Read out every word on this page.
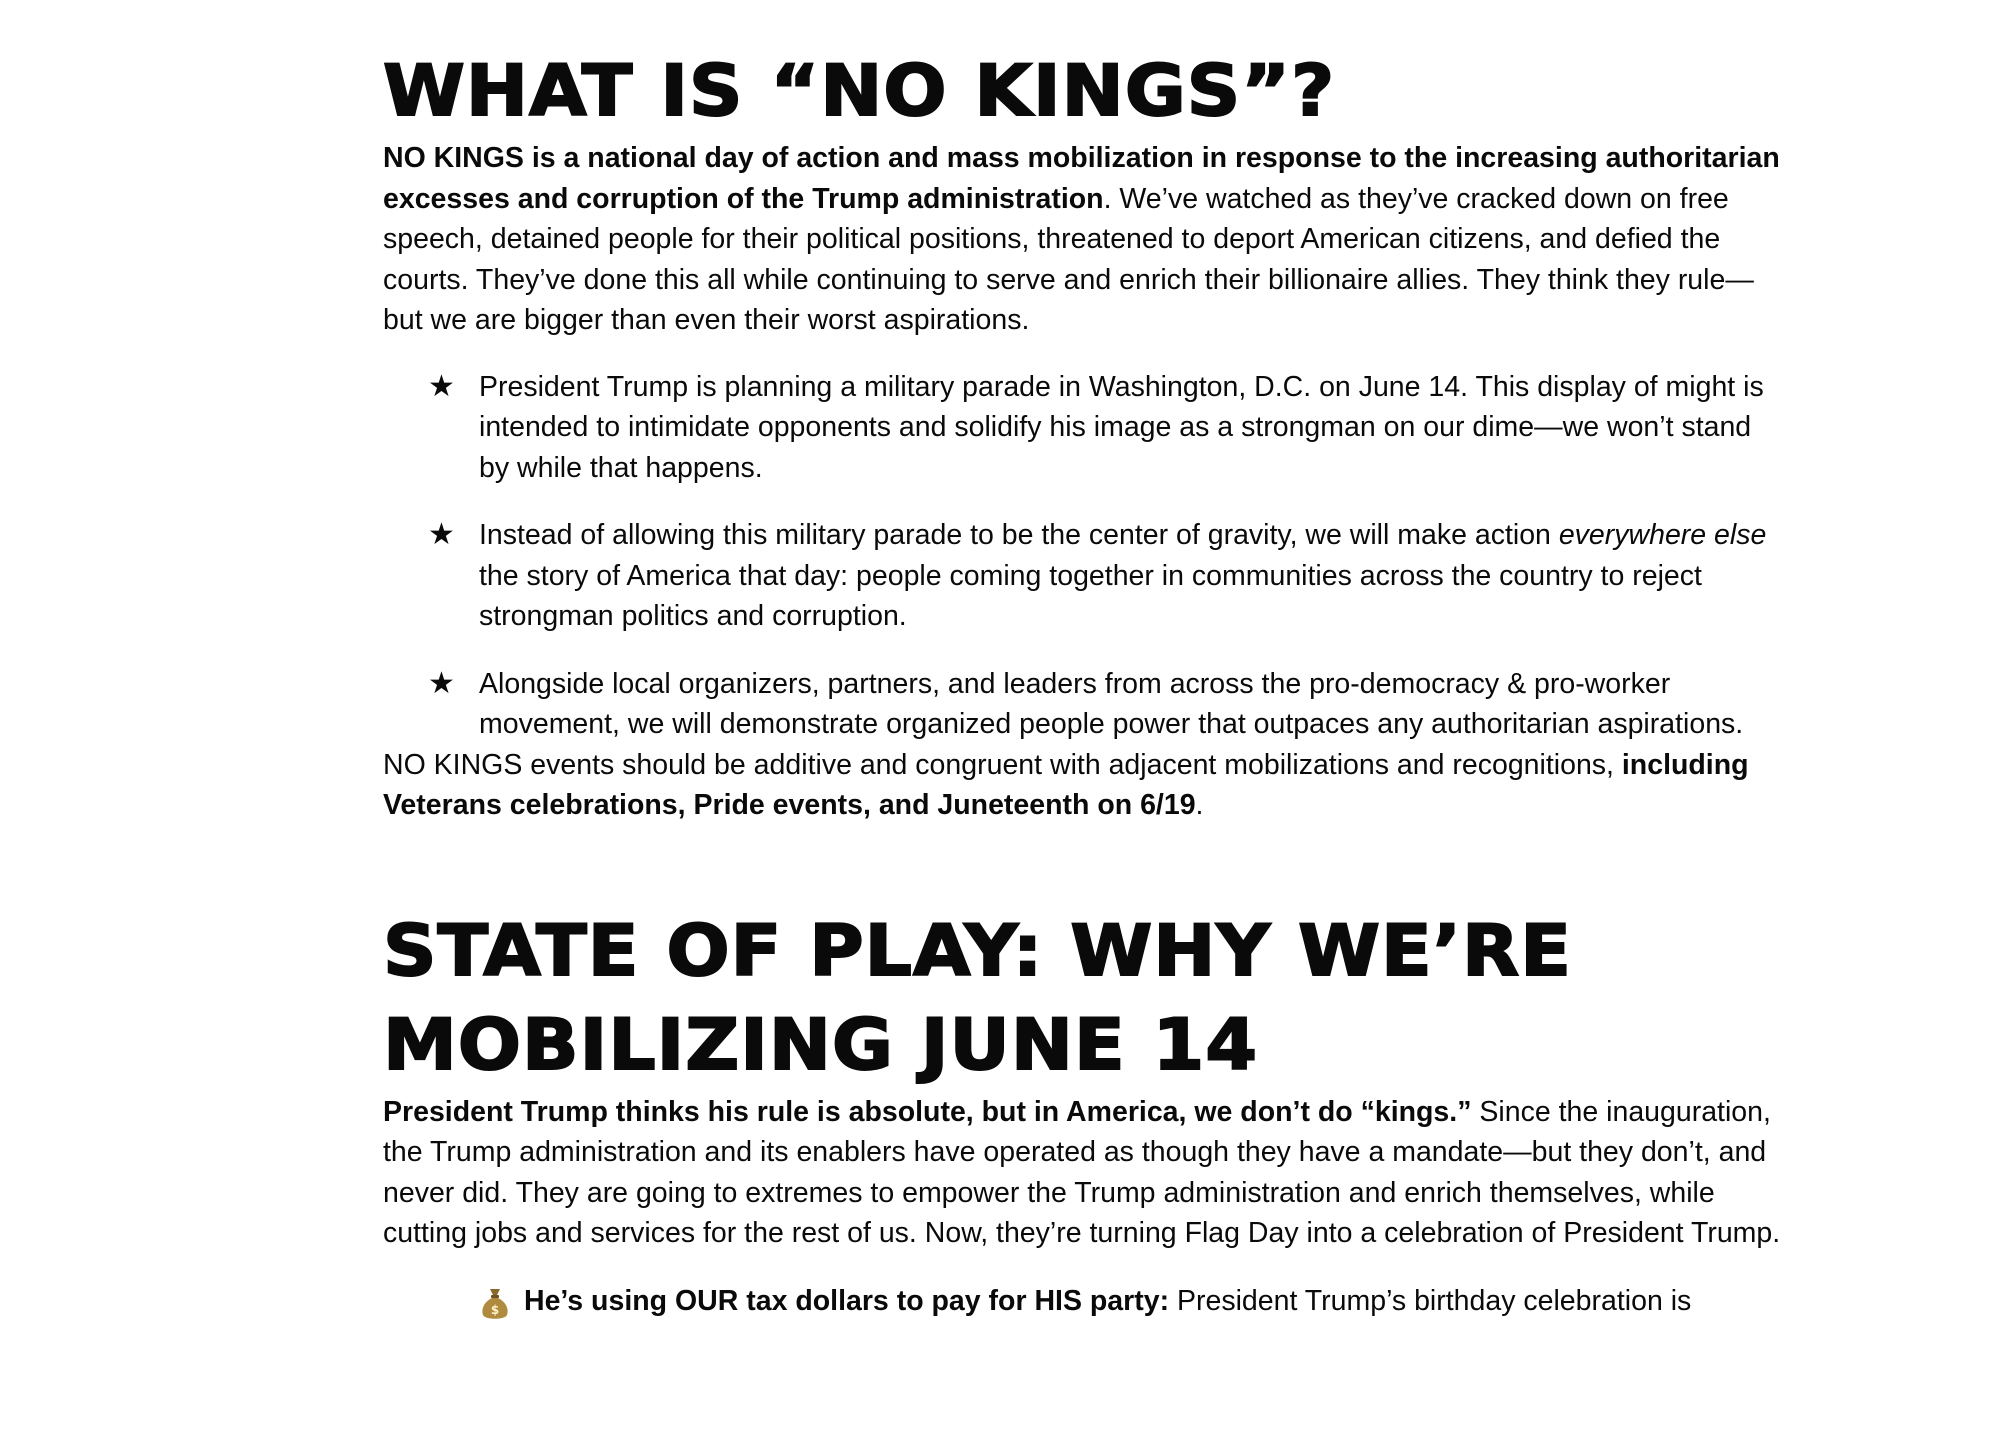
WHAT IS “NO KINGS”?

NO KINGS is a national day of action and mass mobilization in response to the increasing authoritarian excesses and corruption of the Trump administration. We’ve watched as they’ve cracked down on free speech, detained people for their political positions, threatened to deport American citizens, and defied the courts. They’ve done this all while continuing to serve and enrich their billionaire allies. They think they rule—but we are bigger than even their worst aspirations.

★ President Trump is planning a military parade in Washington, D.C. on June 14. This display of might is intended to intimidate opponents and solidify his image as a strongman on our dime—we won’t stand by while that happens.
★ Instead of allowing this military parade to be the center of gravity, we will make action everywhere else the story of America that day: people coming together in communities across the country to reject strongman politics and corruption.
★ Alongside local organizers, partners, and leaders from across the pro-democracy & pro-worker movement, we will demonstrate organized people power that outpaces any authoritarian aspirations.

NO KINGS events should be additive and congruent with adjacent mobilizations and recognitions, including Veterans celebrations, Pride events, and Juneteenth on 6/19.

STATE OF PLAY: WHY WE’RE
MOBILIZING JUNE 14

President Trump thinks his rule is absolute, but in America, we don’t do “kings.” Since the inauguration, the Trump administration and its enablers have operated as though they have a mandate—but they don’t, and never did. They are going to extremes to empower the Trump administration and enrich themselves, while cutting jobs and services for the rest of us. Now, they’re turning Flag Day into a celebration of President Trump.

$ He’s using OUR tax dollars to pay for HIS party: President Trump’s birthday celebration is
